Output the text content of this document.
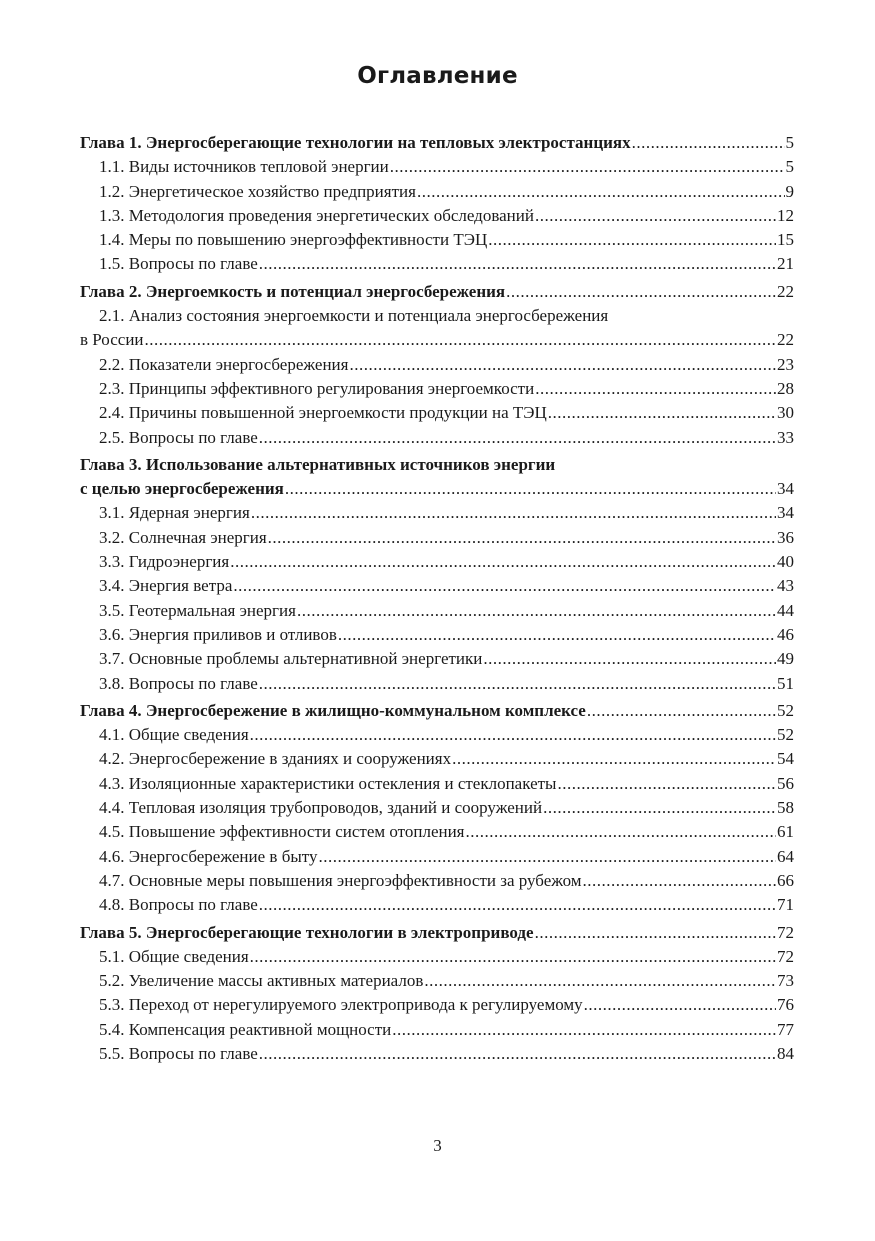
Оглавление
Глава 1. Энергосберегающие технологии на тепловых электростанциях .....	5
1.1. Виды источников тепловой энергии .....	5
1.2. Энергетическое хозяйство предприятия .....	9
1.3. Методология проведения энергетических обследований .....	12
1.4. Меры по повышению энергоэффективности ТЭЦ .....	15
1.5. Вопросы по главе .....	21
Глава 2. Энергоемкость и потенциал энергосбережения .....	22
2.1. Анализ состояния энергоемкости и потенциала энергосбережения
в России .....	22
2.2. Показатели энергосбережения .....	23
2.3. Принципы эффективного регулирования энергоемкости .....	28
2.4. Причины повышенной энергоемкости продукции на ТЭЦ .....	30
2.5. Вопросы по главе .....	33
Глава 3. Использование альтернативных источников энергии
с целью энергосбережения .....	34
3.1. Ядерная энергия .....	34
3.2. Солнечная энергия .....	36
3.3. Гидроэнергия .....	40
3.4. Энергия ветра .....	43
3.5. Геотермальная энергия .....	44
3.6. Энергия приливов и отливов .....	46
3.7. Основные проблемы альтернативной энергетики .....	49
3.8. Вопросы по главе .....	51
Глава 4. Энергосбережение в жилищно-коммунальном комплексе .....	52
4.1. Общие сведения .....	52
4.2. Энергосбережение в зданиях и сооружениях .....	54
4.3. Изоляционные характеристики остекления и стеклопакеты .....	56
4.4. Тепловая изоляция трубопроводов, зданий и сооружений .....	58
4.5. Повышение эффективности систем отопления .....	61
4.6. Энергосбережение в быту .....	64
4.7. Основные меры повышения энергоэффективности за рубежом .....	66
4.8. Вопросы по главе .....	71
Глава 5. Энергосберегающие технологии в электроприводе .....	72
5.1. Общие сведения .....	72
5.2. Увеличение массы активных материалов .....	73
5.3. Переход от нерегулируемого электропривода к регулируемому .....	76
5.4. Компенсация реактивной мощности .....	77
5.5. Вопросы по главе .....	84
3
